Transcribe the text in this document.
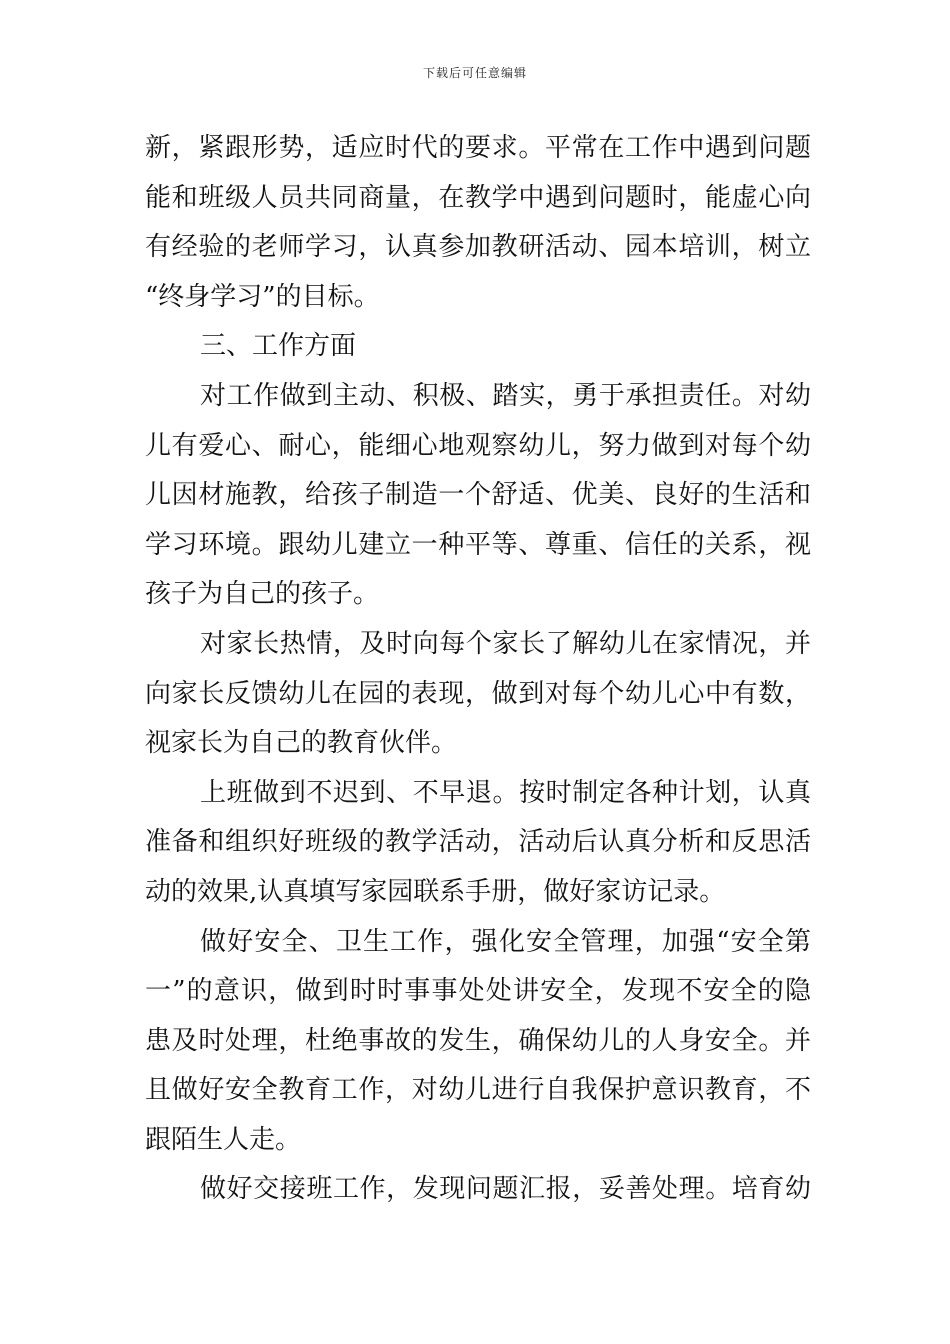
下载后可任意编辑
新，紧跟形势，适应时代的要求。平常在工作中遇到问题
能和班级人员共同商量，在教学中遇到问题时，能虚心向
有经验的老师学习，认真参加教研活动、园本培训，树立
“终身学习”的目标。
三、工作方面
对工作做到主动、积极、踏实，勇于承担责任。对幼
儿有爱心、耐心，能细心地观察幼儿，努力做到对每个幼
儿因材施教，给孩子制造一个舒适、优美、良好的生活和
学习环境。跟幼儿建立一种平等、尊重、信任的关系，视
孩子为自己的孩子。
对家长热情，及时向每个家长了解幼儿在家情况，并
向家长反馈幼儿在园的表现，做到对每个幼儿心中有数，
视家长为自己的教育伙伴。
上班做到不迟到、不早退。按时制定各种计划，认真
准备和组织好班级的教学活动，活动后认真分析和反思活
动的效果,认真填写家园联系手册，做好家访记录。
做好安全、卫生工作，强化安全管理，加强“安全第
一”的意识，做到时时事事处处讲安全，发现不安全的隐
患及时处理，杜绝事故的发生，确保幼儿的人身安全。并
且做好安全教育工作，对幼儿进行自我保护意识教育，不
跟陌生人走。
做好交接班工作，发现问题汇报，妥善处理。培育幼
